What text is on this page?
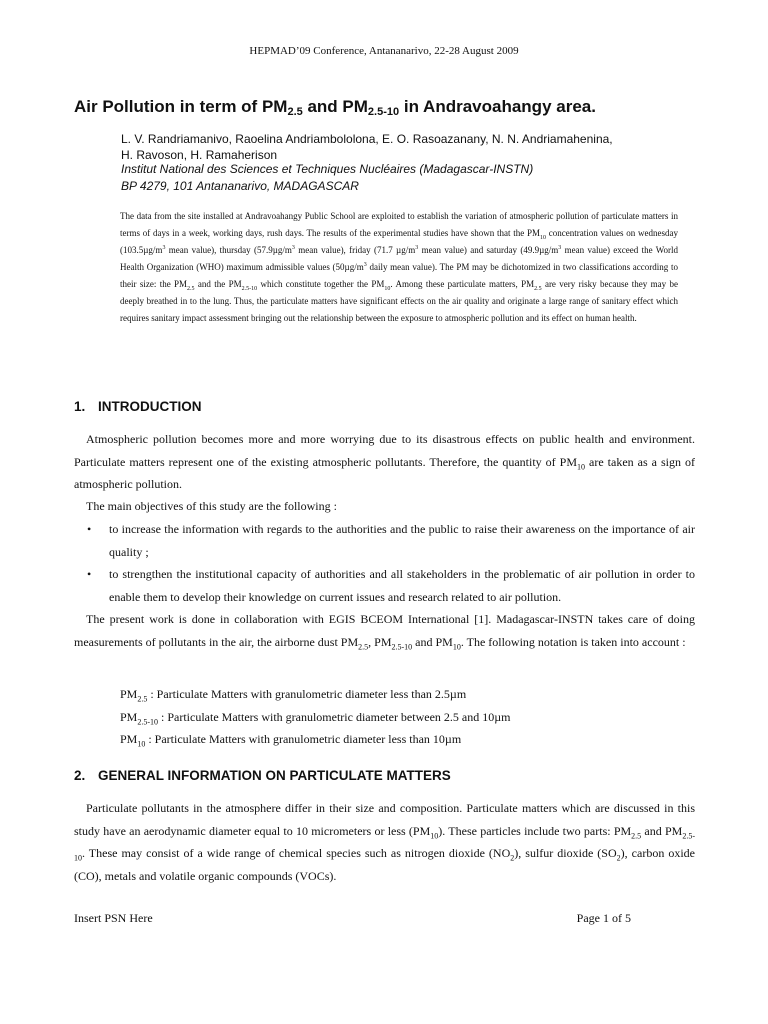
HEPMAD’09 Conference, Antananarivo, 22-28 August 2009
Air Pollution in term of $PM_{2.5}$ and $PM_{2.5-10}$ in Andravoahangy area.
L. V. Randriamanivo, Raoelina Andriambololona, E. O. Rasoazanany, N. N. Andriamahenina,
H. Ravoson, H. Ramaherison
Institut National des Sciences et Techniques Nucléaires (Madagascar-INSTN)
BP 4279, 101 Antananarivo, MADAGASCAR

The data from the site installed at Andravoahangy Public School are exploited to establish the variation of atmospheric pollution of particulate matters in terms of days in a week, working days, rush days. The results of the experimental studies have shown that the $PM_{10}$ concentration values on wednesday ($103.5\mu g/m^3$ mean value), thursday ($57.9\mu g/m^3$ mean value), friday (71.7 $\mu g/m^3$ mean value) and saturday ($49.9\mu g/m^3$ mean value) exceed the World Health Organization (WHO) maximum admissible values ($50\mu g/m^3$ daily mean value). The PM may be dichotomized in two classifications according to their size: the $PM_{2.5}$ and the $PM_{2.5-10}$ which constitute together the $PM_{10}$. Among these particulate matters, $PM_{2.5}$ are very risky because they may be deeply breathed in to the lung. Thus, the particulate matters have significant effects on the air quality and originate a large range of sanitary effect which requires sanitary impact assessment bringing out the relationship between the exposure to atmospheric pollution and its effect on human health.

1. INTRODUCTION

Atmospheric pollution becomes more and more worrying due to its disastrous effects on public health and environment. Particulate matters represent one of the existing atmospheric pollutants. Therefore, the quantity of $PM_{10}$ are taken as a sign of atmospheric pollution.

The main objectives of this study are the following :

• to increase the information with regards to the authorities and the public to raise their awareness on the importance of air quality ;
• to strengthen the institutional capacity of authorities and all stakeholders in the problematic of air pollution in order to enable them to develop their knowledge on current issues and research related to air pollution.

The present work is done in collaboration with EGIS BCEOM International [1]. Madagascar-INSTN takes care of doing measurements of pollutants in the air, the airborne dust $PM_{2.5}$, $PM_{2.5-10}$ and $PM_{10}$. The following notation is taken into account :

$PM_{2.5}$ : Particulate Matters with granulometric diameter less than 2.5µm
$PM_{2.5-10}$ : Particulate Matters with granulometric diameter between 2.5 and 10µm
$PM_{10}$ : Particulate Matters with granulometric diameter less than 10µm
2. GENERAL INFORMATION ON PARTICULATE MATTERS

Particulate pollutants in the atmosphere differ in their size and composition. Particulate matters which are discussed in this study have an aerodynamic diameter equal to 10 micrometers or less $(PM_{10})$. These particles include two parts: $PM_{2.5}$ and $PM_{2.5-10}$. These may consist of a wide range of chemical species such as nitrogen dioxide $(NO_2)$, sulfur dioxide $(SO_2)$, carbon oxide (CO), metals and volatile organic compounds (VOCs).

Insert PSN Here	Page 1 of 5
